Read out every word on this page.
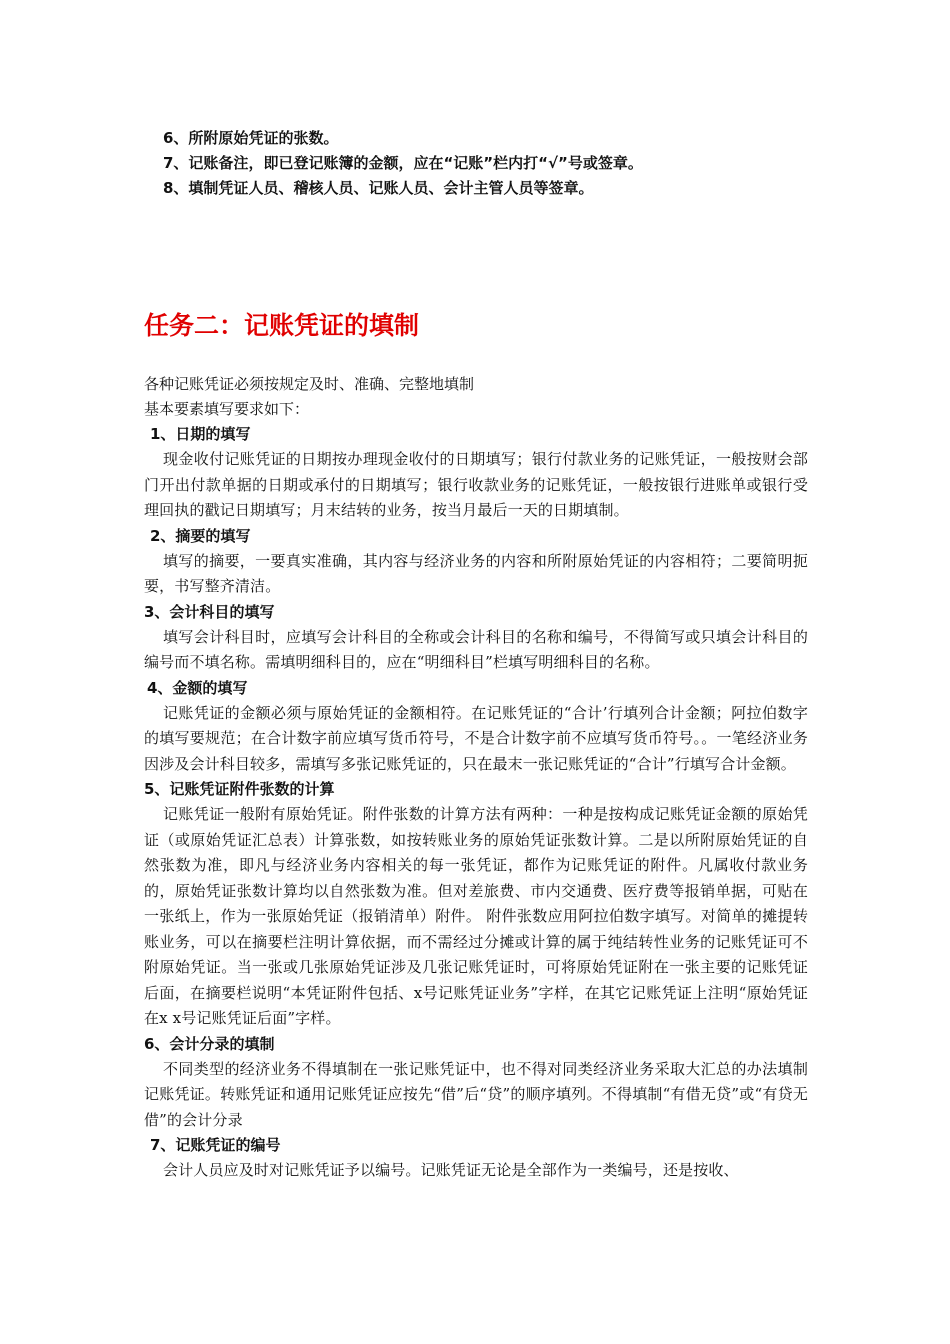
6、所附原始凭证的张数。
7、记账备注，即已登记账簿的金额，应在“记账”栏内打“√”号或签章。
8、填制凭证人员、稽核人员、记账人员、会计主管人员等签章。
任务二：记账凭证的填制
各种记账凭证必须按规定及时、准确、完整地填制
基本要素填写要求如下：
1、日期的填写
现金收付记账凭证的日期按办理现金收付的日期填写；银行付款业务的记账凭证，一般按财会部门开出付款单据的日期或承付的日期填写；银行收款业务的记账凭证，一般按银行进账单或银行受理回执的戳记日期填写；月末结转的业务，按当月最后一天的日期填制。
2、摘要的填写
填写的摘要，一要真实准确，其内容与经济业务的内容和所附原始凭证的内容相符；二要简明扼要，书写整齐清洁。
3、会计科目的填写
填写会计科目时，应填写会计科目的全称或会计科目的名称和编号，不得简写或只填会计科目的编号而不填名称。需填明细科目的，应在“明细科目”栏填写明细科目的名称。
4、金额的填写
记账凭证的金额必须与原始凭证的金额相符。在记账凭证的“合计’行填列合计金额；阿拉伯数字的填写要规范；在合计数字前应填写货币符号，不是合计数字前不应填写货币符号。。一笔经济业务因涉及会计科目较多，需填写多张记账凭证的，只在最末一张记账凭证的“合计”行填写合计金额。
5、记账凭证附件张数的计算
记账凭证一般附有原始凭证。附件张数的计算方法有两种：一种是按构成记账凭证金额的原始凭证（或原始凭证汇总表）计算张数，如按转账业务的原始凭证张数计算。二是以所附原始凭证的自然张数为准，即凡与经济业务内容相关的每一张凭证，都作为记账凭证的附件。凡属收付款业务的，原始凭证张数计算均以自然张数为准。但对差旅费、市内交通费、医疗费等报销单据，可贴在一张纸上，作为一张原始凭证（报销清单）附件。 附件张数应用阿拉伯数字填写。对简单的摊提转账业务，可以在摘要栏注明计算依据，而不需经过分摊或计算的属于纯结转性业务的记账凭证可不附原始凭证。当一张或几张原始凭证涉及几张记账凭证时，可将原始凭证附在一张主要的记账凭证后面，在摘要栏说明“本凭证附件包括、x号记账凭证业务”字样，在其它记账凭证上注明“原始凭证在x x号记账凭证后面”字样。
6、会计分录的填制
不同类型的经济业务不得填制在一张记账凭证中，也不得对同类经济业务采取大汇总的办法填制记账凭证。转账凭证和通用记账凭证应按先“借”后“贷”的顺序填列。不得填制“有借无贷”或“有贷无借”的会计分录
7、记账凭证的编号
会计人员应及时对记账凭证予以编号。记账凭证无论是全部作为一类编号，还是按收、
